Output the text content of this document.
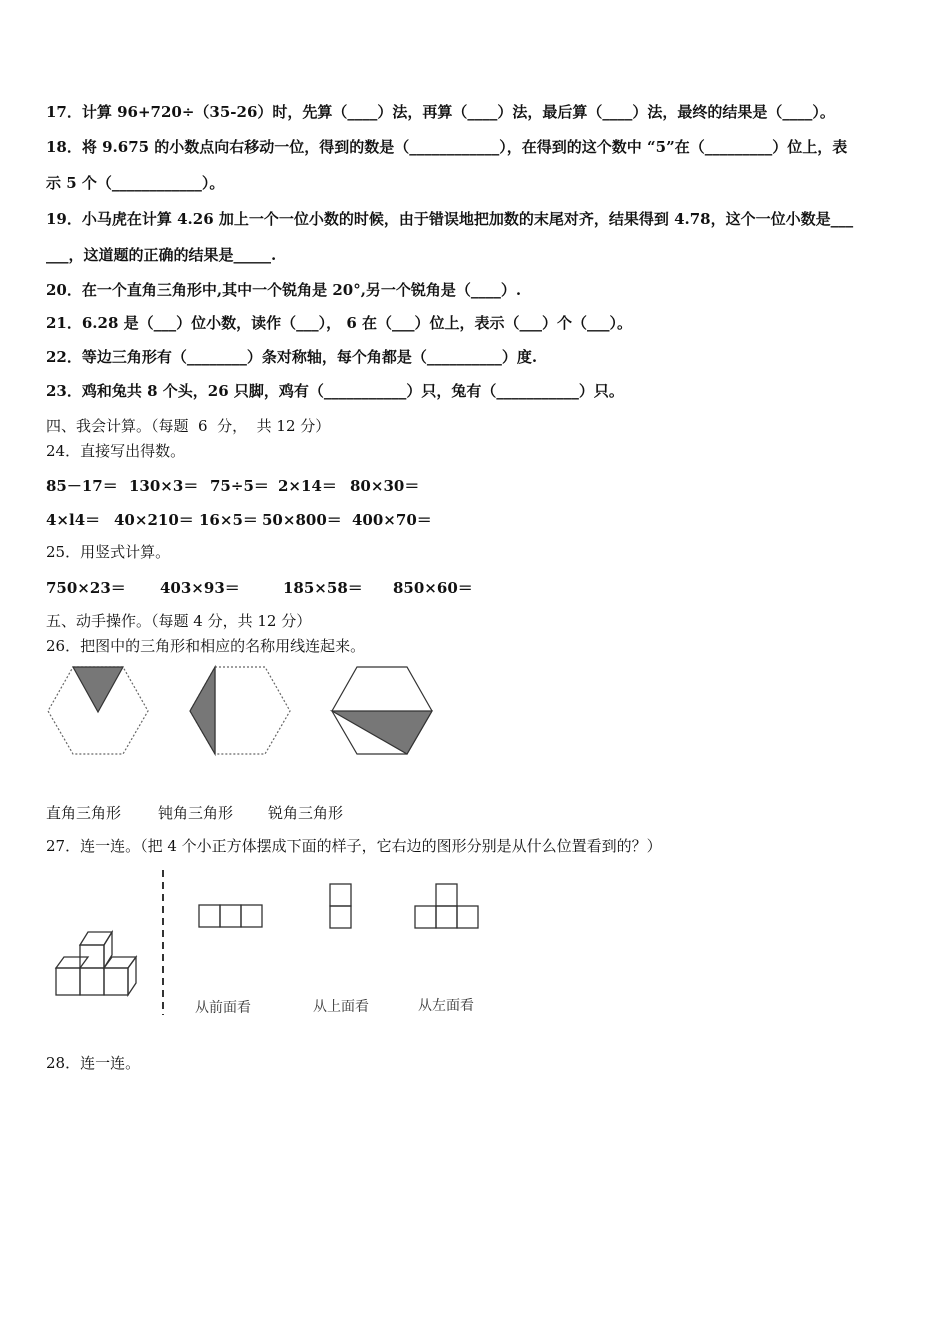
17．计算 96+720÷（35-26）时，先算（____）法，再算（____）法，最后算（____）法，最终的结果是（____）。
18．将 9.675 的小数点向右移动一位，得到的数是（____________），在得到的这个数中 “5”在（_________）位上，表
示 5 个（____________）。
19．小马虎在计算 4.26 加上一个一位小数的时候，由于错误地把加数的末尾对齐，结果得到 4.78，这个一位小数是___
___，这道题的正确的结果是_____.
20．在一个直角三角形中,其中一个锐角是 20°,另一个锐角是（____）.
21．6.28 是（___）位小数，读作（___）， 6 在（___）位上，表示（___）个（___）。
22．等边三角形有（________）条对称轴，每个角都是（__________）度.
23．鸡和兔共 8 个头，26 只脚，鸡有（___________）只，兔有（___________）只。
四、我会计算。（每题  6  分，  共 12 分）
24．直接写出得数。
85－17＝ 130×3＝ 75÷5＝ 2×14＝ 80×30＝
4×l4＝ 40×210＝ 16×5＝ 50×800＝ 400×70＝
25．用竖式计算。
750×23＝ 403×93＝	185×58＝ 850×60＝
五、动手操作。（每题 4 分，共 12 分）
26．把图中的三角形和相应的名称用线连起来。
直角三角形 钝角三角形 锐角三角形
27．连一连。（把 4 个小正方体摆成下面的样子，它右边的图形分别是从什么位置看到的？）
从前面看	从上面看	从左面看
28．连一连。
